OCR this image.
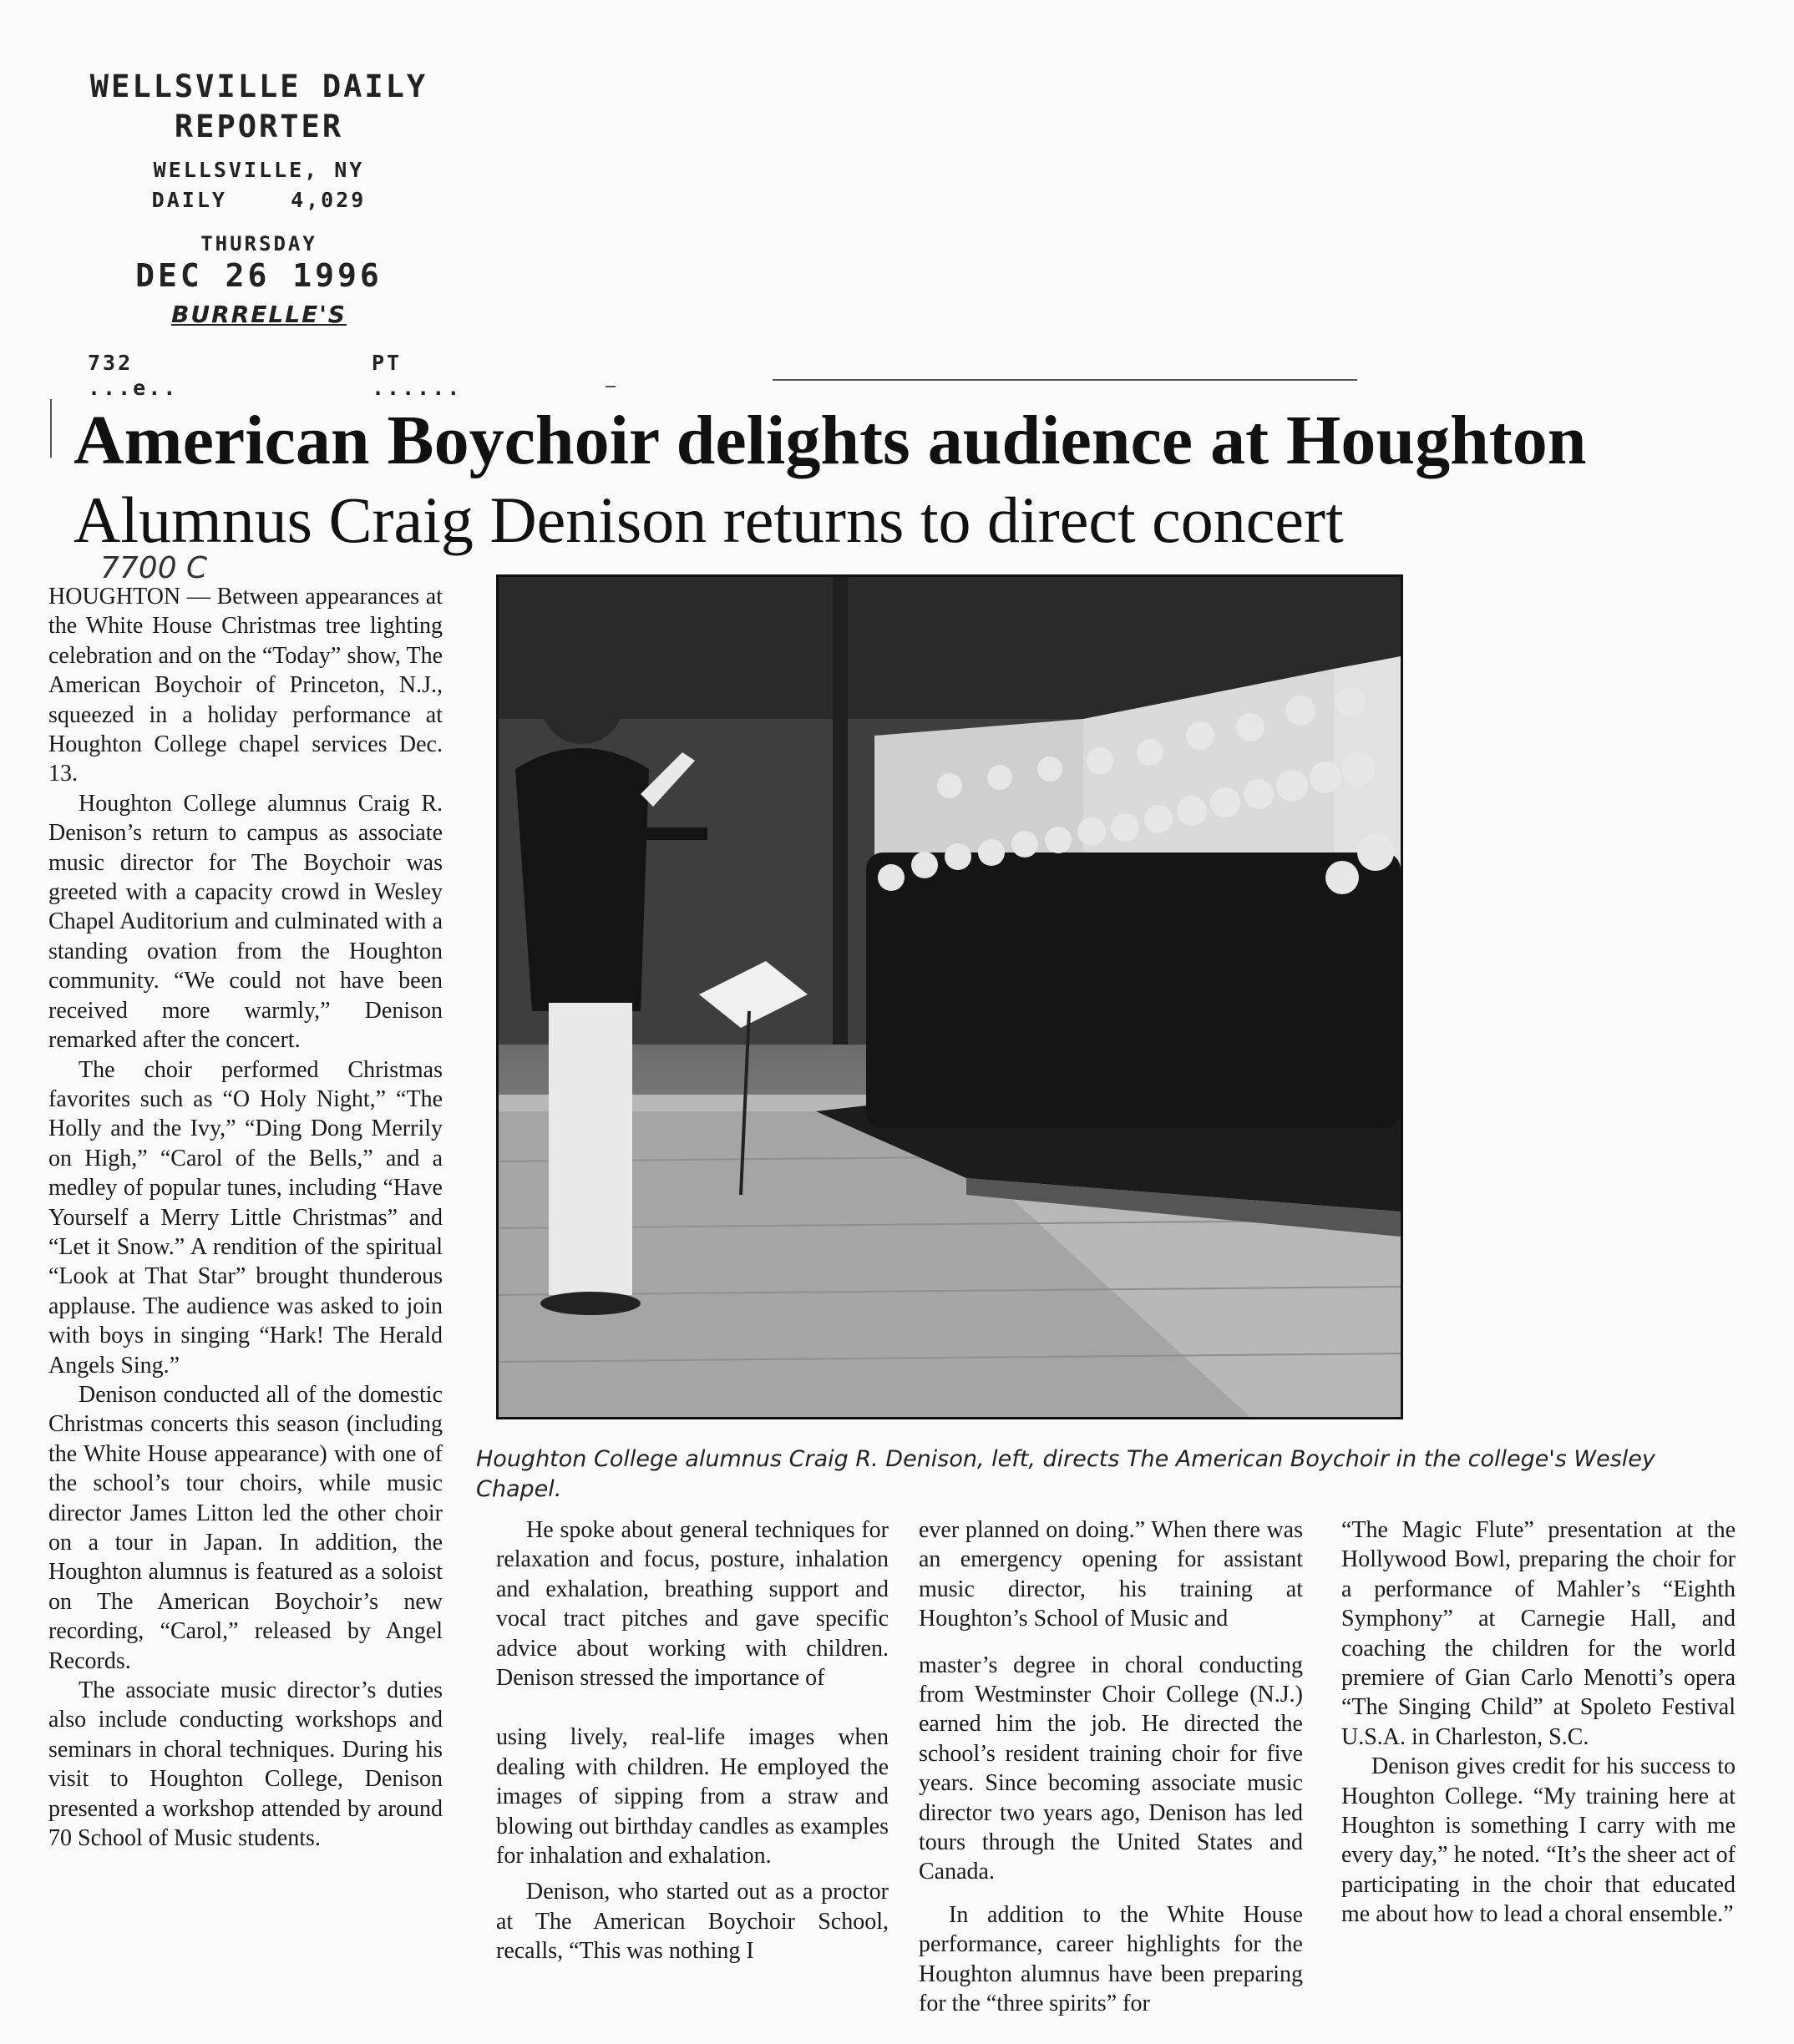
WELLSVILLE DAILY
REPORTER
WELLSVILLE, NY
DAILY	4,029
THURSDAY
DEC 26 1996
BURRELLE'S
732
...e..
PT
......
American Boychoir delights audience at Houghton
Alumnus Craig Denison returns to direct concert
7700 C

HOUGHTON — Between appearances at the White House Christmas tree lighting celebration and on the “Today” show, The American Boychoir of Princeton, N.J., squeezed in a holiday performance at Houghton College chapel services Dec. 13.

Houghton College alumnus Craig R. Denison’s return to campus as associate music director for The Boychoir was greeted with a capacity crowd in Wesley Chapel Auditorium and culminated with a standing ovation from the Houghton community. “We could not have been received more warmly,” Denison remarked after the concert.

The choir performed Christmas favorites such as “O Holy Night,” “The Holly and the Ivy,” “Ding Dong Merrily on High,” “Carol of the Bells,” and a medley of popular tunes, including “Have Yourself a Merry Little Christmas” and “Let it Snow.” A rendition of the spiritual “Look at That Star” brought thunderous applause. The audience was asked to join with boys in singing “Hark! The Herald Angels Sing.”

Denison conducted all of the domestic Christmas concerts this season (including the White House appearance) with one of the school’s tour choirs, while music director James Litton led the other choir on a tour in Japan. In addition, the Houghton alumnus is featured as a soloist on The American Boychoir’s new recording, “Carol,” released by Angel Records.

The associate music director’s duties also include conducting workshops and seminars in choral techniques. During his visit to Houghton College, Denison presented a workshop attended by around 70 School of Music students.

Houghton College alumnus Craig R. Denison, left, directs The American Boychoir in the college's Wesley Chapel.

He spoke about general techniques for relaxation and focus, posture, inhalation and exhalation, breathing support and vocal tract pitches and gave specific advice about working with children. Denison stressed the importance of

using lively, real-life images when dealing with children. He employed the images of sipping from a straw and blowing out birthday candles as examples for inhalation and exhalation.

Denison, who started out as a proctor at The American Boychoir School, recalls, “This was nothing I

ever planned on doing.” When there was an emergency opening for assistant music director, his training at Houghton’s School of Music and

master’s degree in choral conducting from Westminster Choir College (N.J.) earned him the job. He directed the school’s resident training choir for five years. Since becoming associate music director two years ago, Denison has led tours through the United States and Canada.

In addition to the White House performance, career highlights for the Houghton alumnus have been preparing for the “three spirits” for

“The Magic Flute” presentation at the Hollywood Bowl, preparing the choir for a performance of Mahler’s “Eighth Symphony” at Carnegie Hall, and coaching the children for the world premiere of Gian Carlo Menotti’s opera “The Singing Child” at Spoleto Festival U.S.A. in Charleston, S.C.

Denison gives credit for his success to Houghton College. “My training here at Houghton is something I carry with me every day,” he noted. “It’s the sheer act of participating in the choir that educated me about how to lead a choral ensemble.”
